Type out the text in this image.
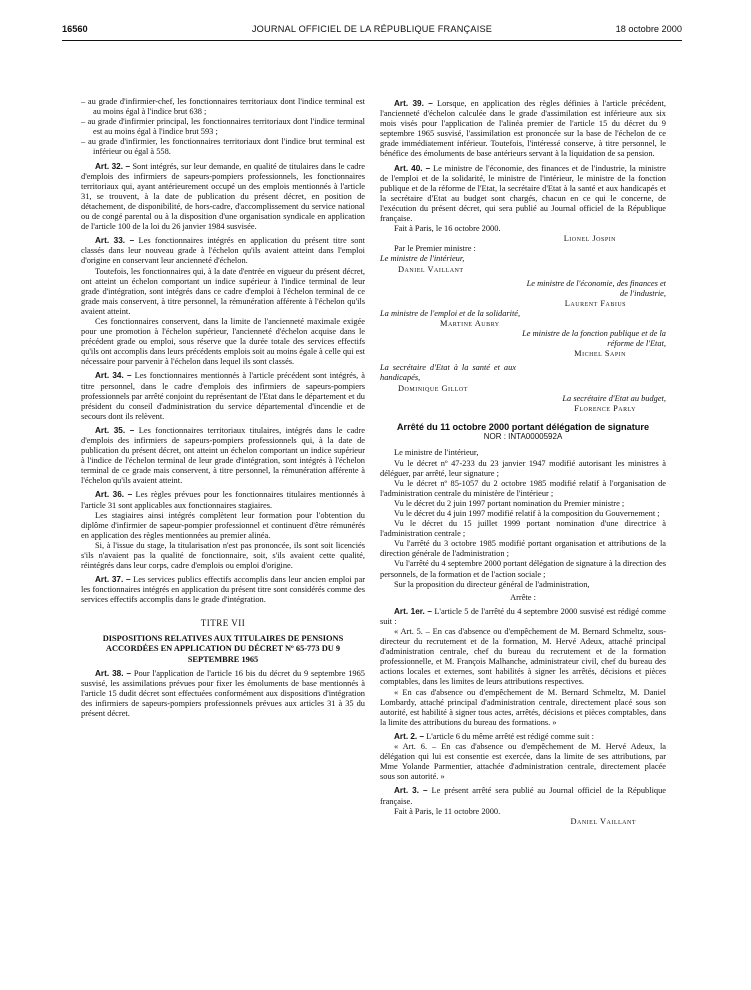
16560	JOURNAL OFFICIEL DE LA RÉPUBLIQUE FRANÇAISE	18 octobre 2000

– au grade d'infirmier-chef, les fonctionnaires territoriaux dont l'indice terminal est au moins égal à l'indice brut 638 ;

– au grade d'infirmier principal, les fonctionnaires territoriaux dont l'indice terminal est au moins égal à l'indice brut 593 ;

– au grade d'infirmier, les fonctionnaires territoriaux dont l'indice brut terminal est inférieur ou égal à 558.

Art. 32. – Sont intégrés, sur leur demande, en qualité de titulaires dans le cadre d'emplois des infirmiers de sapeurs-pompiers professionnels, les fonctionnaires territoriaux qui, ayant antérieurement occupé un des emplois mentionnés à l'article 31, se trouvent, à la date de publication du présent décret, en position de détachement, de disponibilité, de hors-cadre, d'accomplissement du service national ou de congé parental ou à la disposition d'une organisation syndicale en application de l'article 100 de la loi du 26 janvier 1984 susvisée.

Art. 33. – Les fonctionnaires intégrés en application du présent titre sont classés dans leur nouveau grade à l'échelon qu'ils avaient atteint dans l'emploi d'origine en conservant leur ancienneté d'échelon.

Toutefois, les fonctionnaires qui, à la date d'entrée en vigueur du présent décret, ont atteint un échelon comportant un indice supérieur à l'indice terminal de leur grade d'intégration, sont intégrés dans ce cadre d'emploi à l'échelon terminal de ce grade mais conservent, à titre personnel, la rémunération afférente à l'échelon qu'ils avaient atteint.

Ces fonctionnaires conservent, dans la limite de l'ancienneté maximale exigée pour une promotion à l'échelon supérieur, l'ancienneté d'échelon acquise dans le précédent grade ou emploi, sous réserve que la durée totale des services effectifs qu'ils ont accomplis dans leurs précédents emplois soit au moins égale à celle qui est nécessaire pour parvenir à l'échelon dans lequel ils sont classés.

Art. 34. – Les fonctionnaires mentionnés à l'article précédent sont intégrés, à titre personnel, dans le cadre d'emplois des infirmiers de sapeurs-pompiers professionnels par arrêté conjoint du représentant de l'Etat dans le département et du président du conseil d'administration du service départemental d'incendie et de secours dont ils relèvent.

Art. 35. – Les fonctionnaires territoriaux titulaires, intégrés dans le cadre d'emplois des infirmiers de sapeurs-pompiers professionnels qui, à la date de publication du présent décret, ont atteint un échelon comportant un indice supérieur à l'indice de l'échelon terminal de leur grade d'intégration, sont intégrés à l'échelon terminal de ce grade mais conservent, à titre personnel, la rémunération afférente à l'échelon qu'ils avaient atteint.

Art. 36. – Les règles prévues pour les fonctionnaires titulaires mentionnés à l'article 31 sont applicables aux fonctionnaires stagiaires.

Les stagiaires ainsi intégrés complètent leur formation pour l'obtention du diplôme d'infirmier de sapeur-pompier professionnel et continuent d'être rémunérés en application des règles mentionnées au premier alinéa.

Si, à l'issue du stage, la titularisation n'est pas prononcée, ils sont soit licenciés s'ils n'avaient pas la qualité de fonctionnaire, soit, s'ils avaient cette qualité, réintégrés dans leur corps, cadre d'emplois ou emploi d'origine.

Art. 37. – Les services publics effectifs accomplis dans leur ancien emploi par les fonctionnaires intégrés en application du présent titre sont considérés comme des services effectifs accomplis dans le grade d'intégration.

TITRE VII

DISPOSITIONS RELATIVES AUX TITULAIRES DE PENSIONS ACCORDÉES EN APPLICATION DU DÉCRET Nº 65-773 DU 9 SEPTEMBRE 1965

Art. 38. – Pour l'application de l'article 16 bis du décret du 9 septembre 1965 susvisé, les assimilations prévues pour fixer les émoluments de base mentionnés à l'article 15 dudit décret sont effectuées conformément aux dispositions d'intégration des infirmiers de sapeurs-pompiers professionnels prévues aux articles 31 à 35 du présent décret.

Art. 39. – Lorsque, en application des règles définies à l'article précédent, l'ancienneté d'échelon calculée dans le grade d'assimilation est inférieure aux six mois visés pour l'application de l'alinéa premier de l'article 15 du décret du 9 septembre 1965 susvisé, l'assimilation est prononcée sur la base de l'échelon de ce grade immédiatement inférieur. Toutefois, l'intéressé conserve, à titre personnel, le bénéfice des émoluments de base antérieurs servant à la liquidation de sa pension.

Art. 40. – Le ministre de l'économie, des finances et de l'industrie, la ministre de l'emploi et de la solidarité, le ministre de l'intérieur, le ministre de la fonction publique et de la réforme de l'Etat, la secrétaire d'Etat à la santé et aux handicapés et la secrétaire d'Etat au budget sont chargés, chacun en ce qui le concerne, de l'exécution du présent décret, qui sera publié au Journal officiel de la République française.

Fait à Paris, le 16 octobre 2000.

Lionel Jospin

Par le Premier ministre :

Le ministre de l'intérieur,

Daniel Vaillant

Le ministre de l'économie, des finances et de l'industrie,

Laurent Fabius

La ministre de l'emploi et de la solidarité,

Martine Aubry

Le ministre de la fonction publique et de la réforme de l'Etat,

Michel Sapin

La secrétaire d'Etat à la santé et aux handicapés,

Dominique Gillot

La secrétaire d'Etat au budget,

Florence Parly

Arrêté du 11 octobre 2000 portant délégation de signature

NOR : INTA0000592A

Le ministre de l'intérieur,

Vu le décret nº 47-233 du 23 janvier 1947 modifié autorisant les ministres à déléguer, par arrêté, leur signature ;

Vu le décret nº 85-1057 du 2 octobre 1985 modifié relatif à l'organisation de l'administration centrale du ministère de l'intérieur ;

Vu le décret du 2 juin 1997 portant nomination du Premier ministre ;

Vu le décret du 4 juin 1997 modifié relatif à la composition du Gouvernement ;

Vu le décret du 15 juillet 1999 portant nomination d'une directrice à l'administration centrale ;

Vu l'arrêté du 3 octobre 1985 modifié portant organisation et attributions de la direction générale de l'administration ;

Vu l'arrêté du 4 septembre 2000 portant délégation de signature à la direction des personnels, de la formation et de l'action sociale ;

Sur la proposition du directeur général de l'administration,

Arrête :

Art. 1er. – L'article 5 de l'arrêté du 4 septembre 2000 susvisé est rédigé comme suit :

« Art. 5. – En cas d'absence ou d'empêchement de M. Bernard Schmeltz, sous-directeur du recrutement et de la formation, M. Hervé Adeux, attaché principal d'administration centrale, chef du bureau du recrutement et de la formation professionnelle, et M. François Malhanche, administrateur civil, chef du bureau des actions locales et externes, sont habilités à signer les arrêtés, décisions et pièces comptables, dans les limites de leurs attributions respectives.

« En cas d'absence ou d'empêchement de M. Bernard Schmeltz, M. Daniel Lombardy, attaché principal d'administration centrale, directement placé sous son autorité, est habilité à signer tous actes, arrêtés, décisions et pièces comptables, dans la limite des attributions du bureau des formations. »

Art. 2. – L'article 6 du même arrêté est rédigé comme suit :

« Art. 6. – En cas d'absence ou d'empêchement de M. Hervé Adeux, la délégation qui lui est consentie est exercée, dans la limite de ses attributions, par Mme Yolande Parmentier, attachée d'administration centrale, directement placée sous son autorité. »

Art. 3. – Le présent arrêté sera publié au Journal officiel de la République française.

Fait à Paris, le 11 octobre 2000.

Daniel Vaillant
